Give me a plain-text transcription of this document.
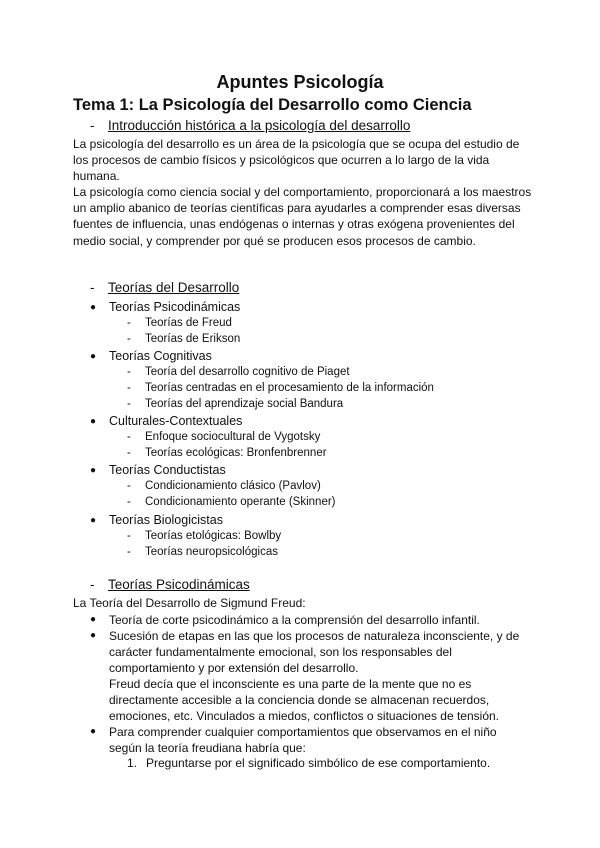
Apuntes Psicología
Tema 1: La Psicología del Desarrollo como Ciencia
- Introducción histórica a la psicología del desarrollo

La psicología del desarrollo es un área de la psicología que se ocupa del estudio de los procesos de cambio físicos y psicológicos que ocurren a lo largo de la vida humana.

La psicología como ciencia social y del comportamiento, proporcionará a los maestros un amplio abanico de teorías científicas para ayudarles a comprender esas diversas fuentes de influencia, unas endógenas o internas y otras exógena provenientes del medio social, y comprender por qué se producen esos procesos de cambio.

- Teorías del Desarrollo
● Teorías Psicodinámicas
- Teorías de Freud
- Teorías de Erikson
● Teorías Cognitivas
- Teoría del desarrollo cognitivo de Piaget
- Teorías centradas en el procesamiento de la información
- Teorías del aprendizaje social Bandura
● Culturales-Contextuales
- Enfoque sociocultural de Vygotsky
- Teorías ecológicas: Bronfenbrenner
● Teorías Conductistas
- Condicionamiento clásico (Pavlov)
- Condicionamiento operante (Skinner)
● Teorías Biologicistas
- Teorías etológicas: Bowlby
- Teorías neuropsicológicas
- Teorías Psicodinámicas
La Teoría del Desarrollo de Sigmund Freud:
● Teoría de corte psicodinámico a la comprensión del desarrollo infantil.
● Sucesión de etapas en las que los procesos de naturaleza inconsciente, y de carácter fundamentalmente emocional, son los responsables del comportamiento y por extensión del desarrollo.
Freud decía que el inconsciente es una parte de la mente que no es directamente accesible a la conciencia donde se almacenan recuerdos, emociones, etc. Vinculados a miedos, conflictos o situaciones de tensión.
● Para comprender cualquier comportamientos que observamos en el niño según la teoría freudiana habría que:
1. Preguntarse por el significado simbólico de ese comportamiento.
